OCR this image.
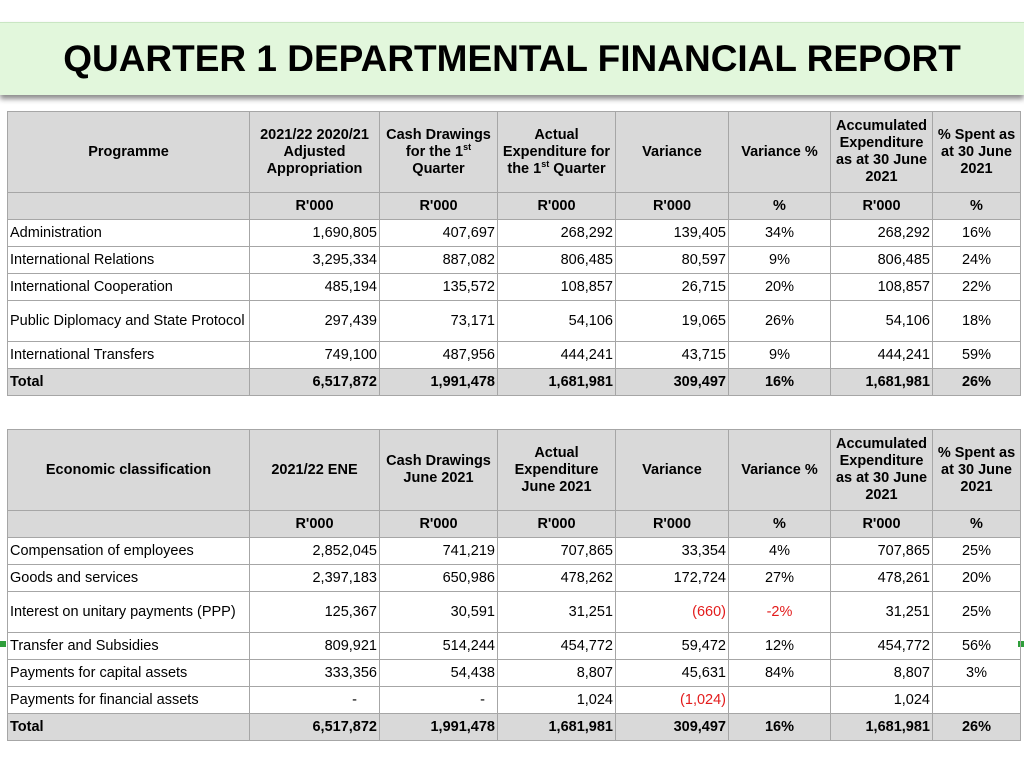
QUARTER 1 DEPARTMENTAL FINANCIAL REPORT
Programme	2021/22 2020/21 Adjusted Appropriation	Cash Drawings for the 1st Quarter	Actual Expenditure for the 1st Quarter	Variance	Variance %	Accumulated Expenditure as at 30 June 2021	% Spent as at 30 June 2021
	R'000	R'000	R'000	R'000	%	R'000	%
Administration	1,690,805	407,697	268,292	139,405	34%	268,292	16%
International Relations	3,295,334	887,082	806,485	80,597	9%	806,485	24%
International Cooperation	485,194	135,572	108,857	26,715	20%	108,857	22%
Public Diplomacy and State Protocol	297,439	73,171	54,106	19,065	26%	54,106	18%
International Transfers	749,100	487,956	444,241	43,715	9%	444,241	59%
Total	6,517,872	1,991,478	1,681,981	309,497	16%	1,681,981	26%
Economic classification	2021/22 ENE	Cash Drawings June 2021	Actual Expenditure June 2021	Variance	Variance %	Accumulated Expenditure as at 30 June 2021	% Spent as at 30 June 2021
	R'000	R'000	R'000	R'000	%	R'000	%
Compensation of employees	2,852,045	741,219	707,865	33,354	4%	707,865	25%
Goods and services	2,397,183	650,986	478,262	172,724	27%	478,261	20%
Interest on unitary payments (PPP)	125,367	30,591	31,251	(660)	-2%	31,251	25%
Transfer and Subsidies	809,921	514,244	454,772	59,472	12%	454,772	56%
Payments for capital assets	333,356	54,438	8,807	45,631	84%	8,807	3%
Payments for financial assets	-	-	1,024	(1,024)		1,024	
Total	6,517,872	1,991,478	1,681,981	309,497	16%	1,681,981	26%
